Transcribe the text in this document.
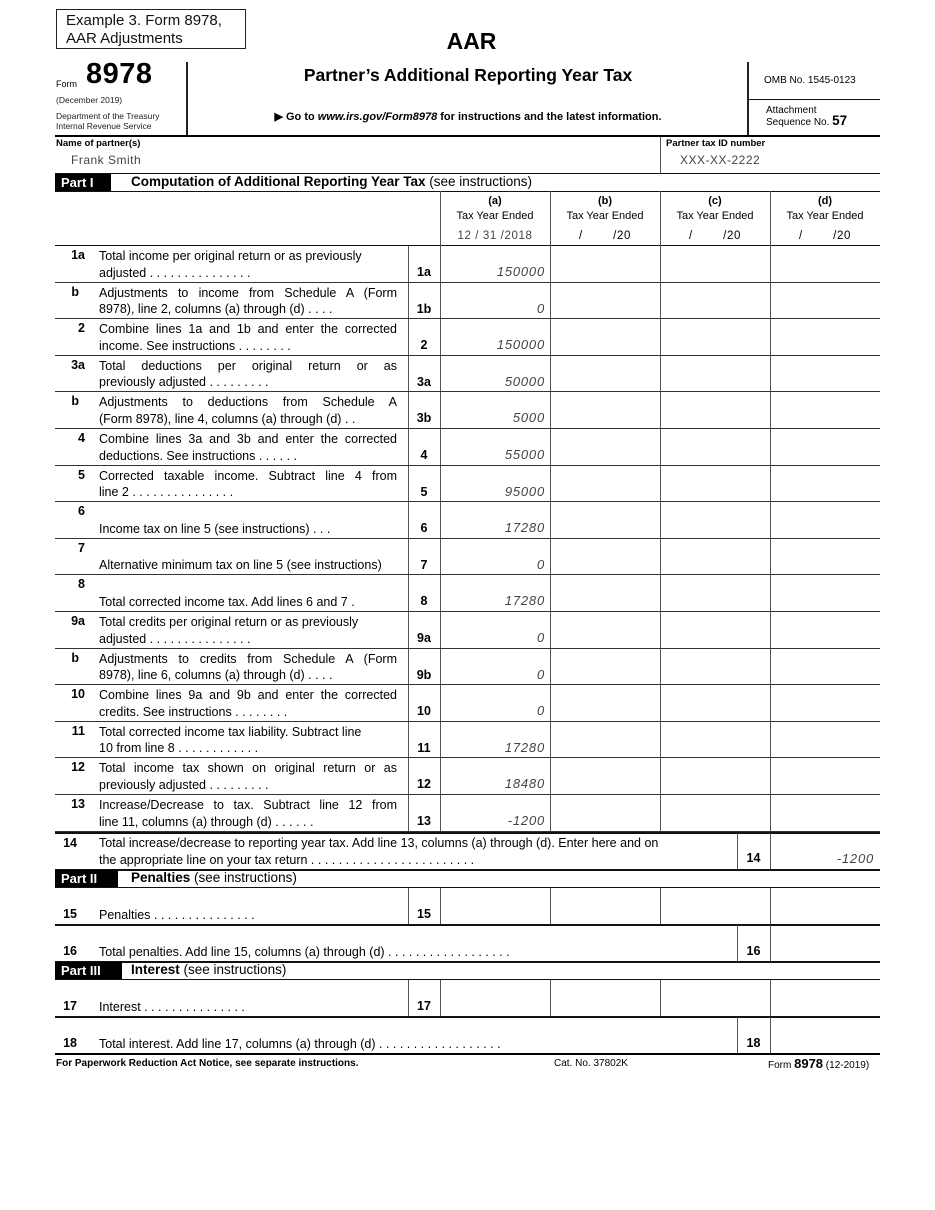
Example 3. Form 8978,
AAR Adjustments	AAR
Form 8978
(December 2019)
Department of the Treasury
Internal Revenue Service
Partner’s Additional Reporting Year Tax
▶ Go to www.irs.gov/Form8978 for instructions and the latest information.
OMB No. 1545-0123
Attachment
Sequence No. 57
Name of partner(s)
Frank Smith
Partner tax ID number
XXX-XX-2222
Part I	Computation of Additional Reporting Year Tax (see instructions)
(a)
Tax Year Ended
12 / 31 /2018
(b)
Tax Year Ended
/        /20
(c)
Tax Year Ended
/        /20
(d)
Tax Year Ended
/        /20
1a Total income per original return or as previously
adjusted . . . . . . . . . . . . . . .	1a	150000
b Adjustments to income from Schedule A (Form
8978), line 2, columns (a) through (d) . . . .	1b	0
2 Combine lines 1a and 1b and enter the corrected
income. See instructions . . . . . . . .	2	150000
3a Total deductions per original return or as
previously adjusted . . . . . . . . .	3a	50000
b Adjustments to deductions from Schedule A
(Form 8978), line 4, columns (a) through (d) . .	3b	5000
4 Combine lines 3a and 3b and enter the corrected
deductions. See instructions . . . . . .	4	55000
5 Corrected taxable income. Subtract line 4 from
line 2 . . . . . . . . . . . . . . .	5	95000
6
Income tax on line 5 (see instructions) . . .	6	17280
7
Alternative minimum tax on line 5 (see instructions)	7	0
8
Total corrected income tax. Add lines 6 and 7 .	8	17280
9a Total credits per original return or as previously
adjusted . . . . . . . . . . . . . . .	9a	0
b Adjustments to credits from Schedule A (Form
8978), line 6, columns (a) through (d) . . . .	9b	0
10 Combine lines 9a and 9b and enter the corrected
credits. See instructions . . . . . . . .	10	0
11 Total corrected income tax liability. Subtract line
10 from line 8 . . . . . . . . . . . .	11	17280
12 Total income tax shown on original return or as
previously adjusted . . . . . . . . .	12	18480
13 Increase/Decrease to tax. Subtract line 12 from
line 11, columns (a) through (d) . . . . . .	13	-1200
14 Total increase/decrease to reporting year tax. Add line 13, columns (a) through (d). Enter here and on
the appropriate line on your tax return . . . . . . . . . . . . . . . . . . . . . . . .	14	-1200
Part II	Penalties (see instructions)
15 Penalties . . . . . . . . . . . . . . .	15
16 Total penalties. Add line 15, columns (a) through (d) . . . . . . . . . . . . . . . . . .	16
Part III	Interest (see instructions)
17 Interest . . . . . . . . . . . . . . .	17
18 Total interest. Add line 17, columns (a) through (d) . . . . . . . . . . . . . . . . . .	18
For Paperwork Reduction Act Notice, see separate instructions.	Cat. No. 37802K	Form 8978 (12-2019)
